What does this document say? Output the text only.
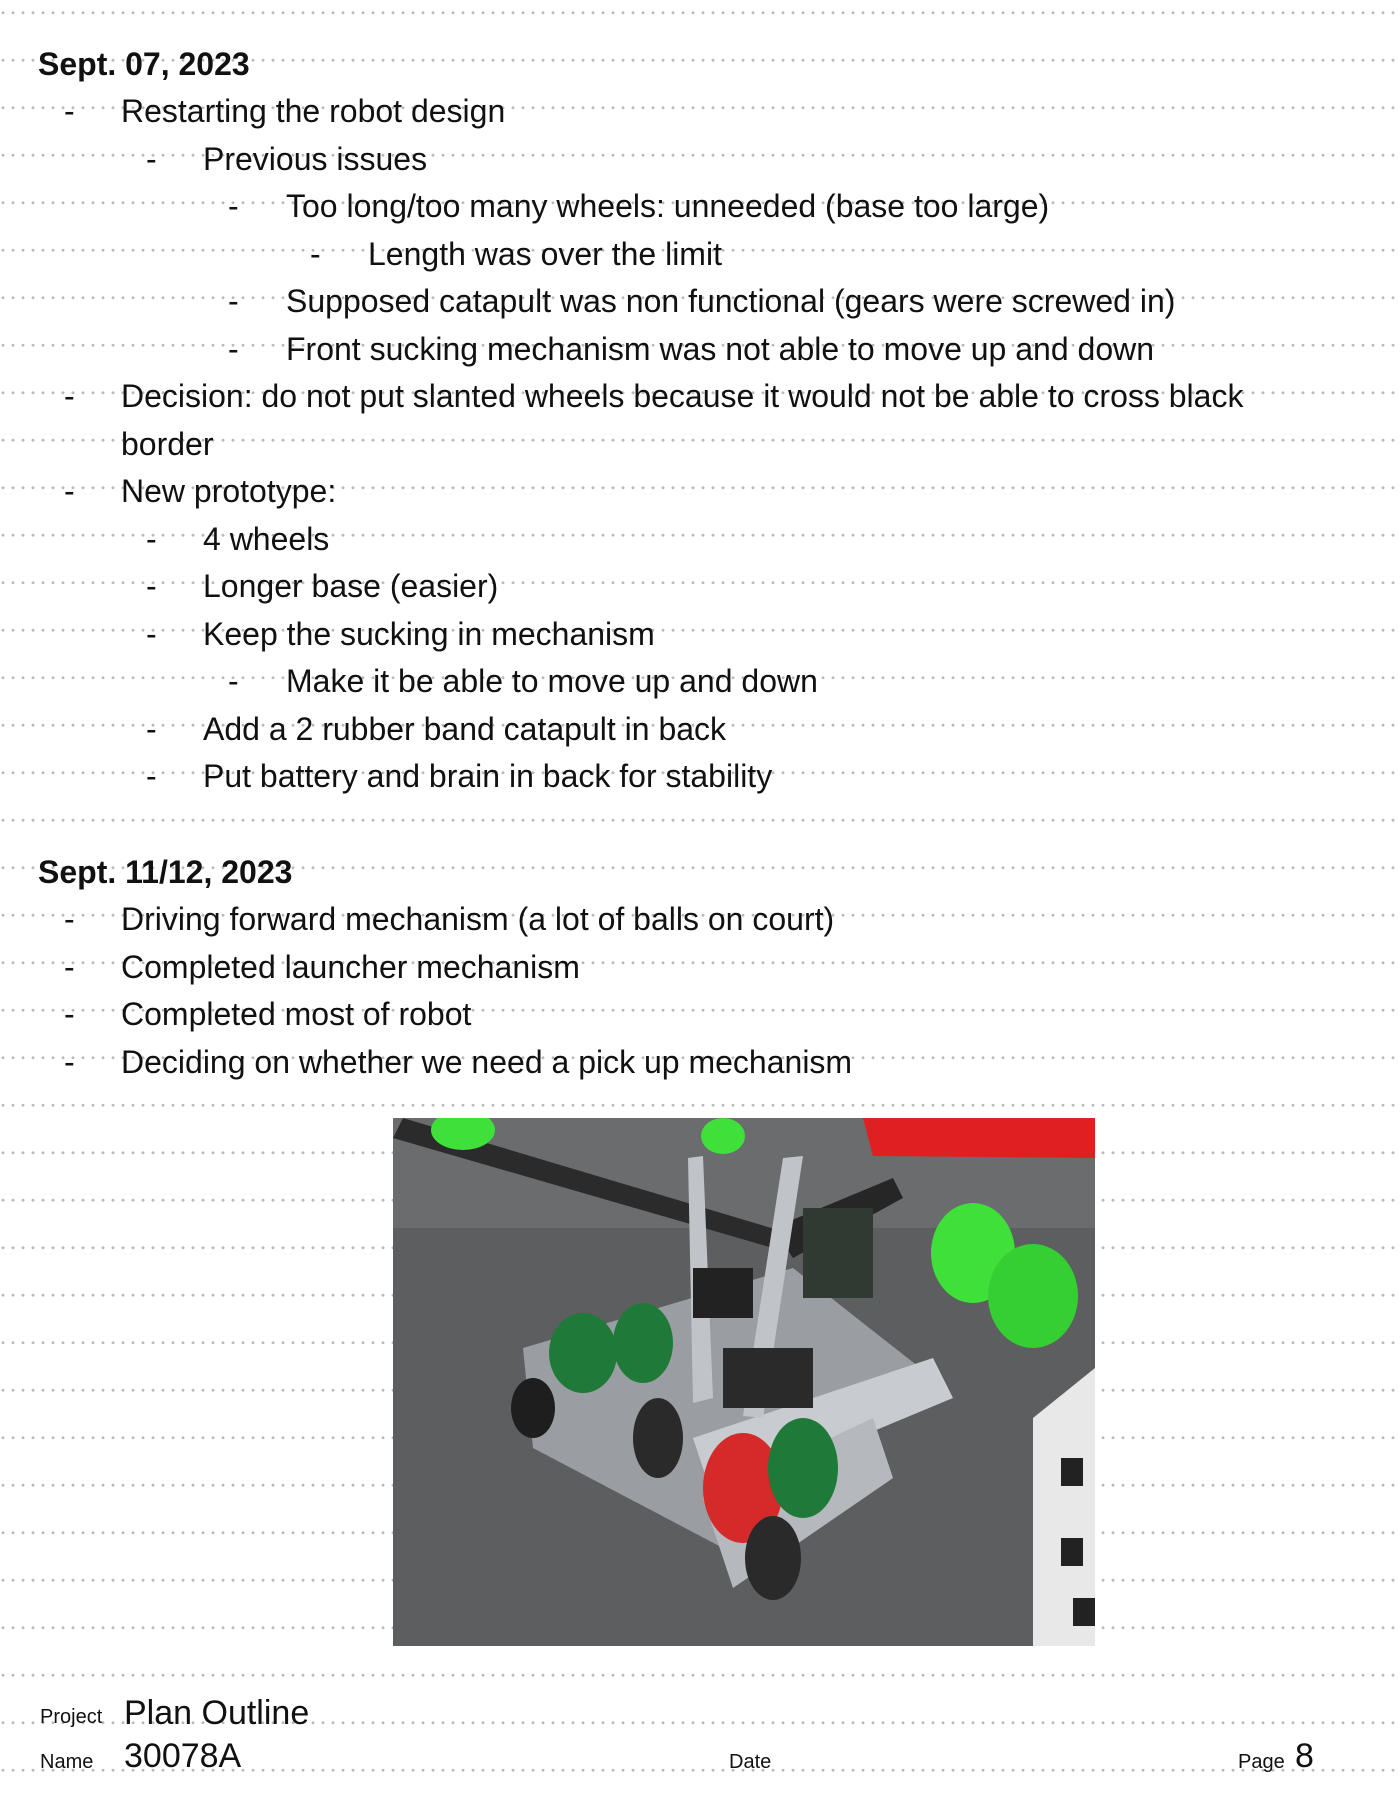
Sept. 07, 2023
-	Restarting the robot design
-	Previous issues
-	Too long/too many wheels: unneeded (base too large)
-	Length was over the limit
-	Supposed catapult was non functional (gears were screwed in)
-	Front sucking mechanism was not able to move up and down
-	Decision: do not put slanted wheels because it would not be able to cross black border
-	New prototype:
-	4 wheels
-	Longer base (easier)
-	Keep the sucking in mechanism
-	Make it be able to move up and down
-	Add a 2 rubber band catapult in back
-	Put battery and brain in back for stability
Sept. 11/12, 2023
-	Driving forward mechanism (a lot of balls on court)
-	Completed launcher mechanism
-	Completed most of robot
-	Deciding on whether we need a pick up mechanism
Project Plan Outline
Name 30078A	Date	Page 8
